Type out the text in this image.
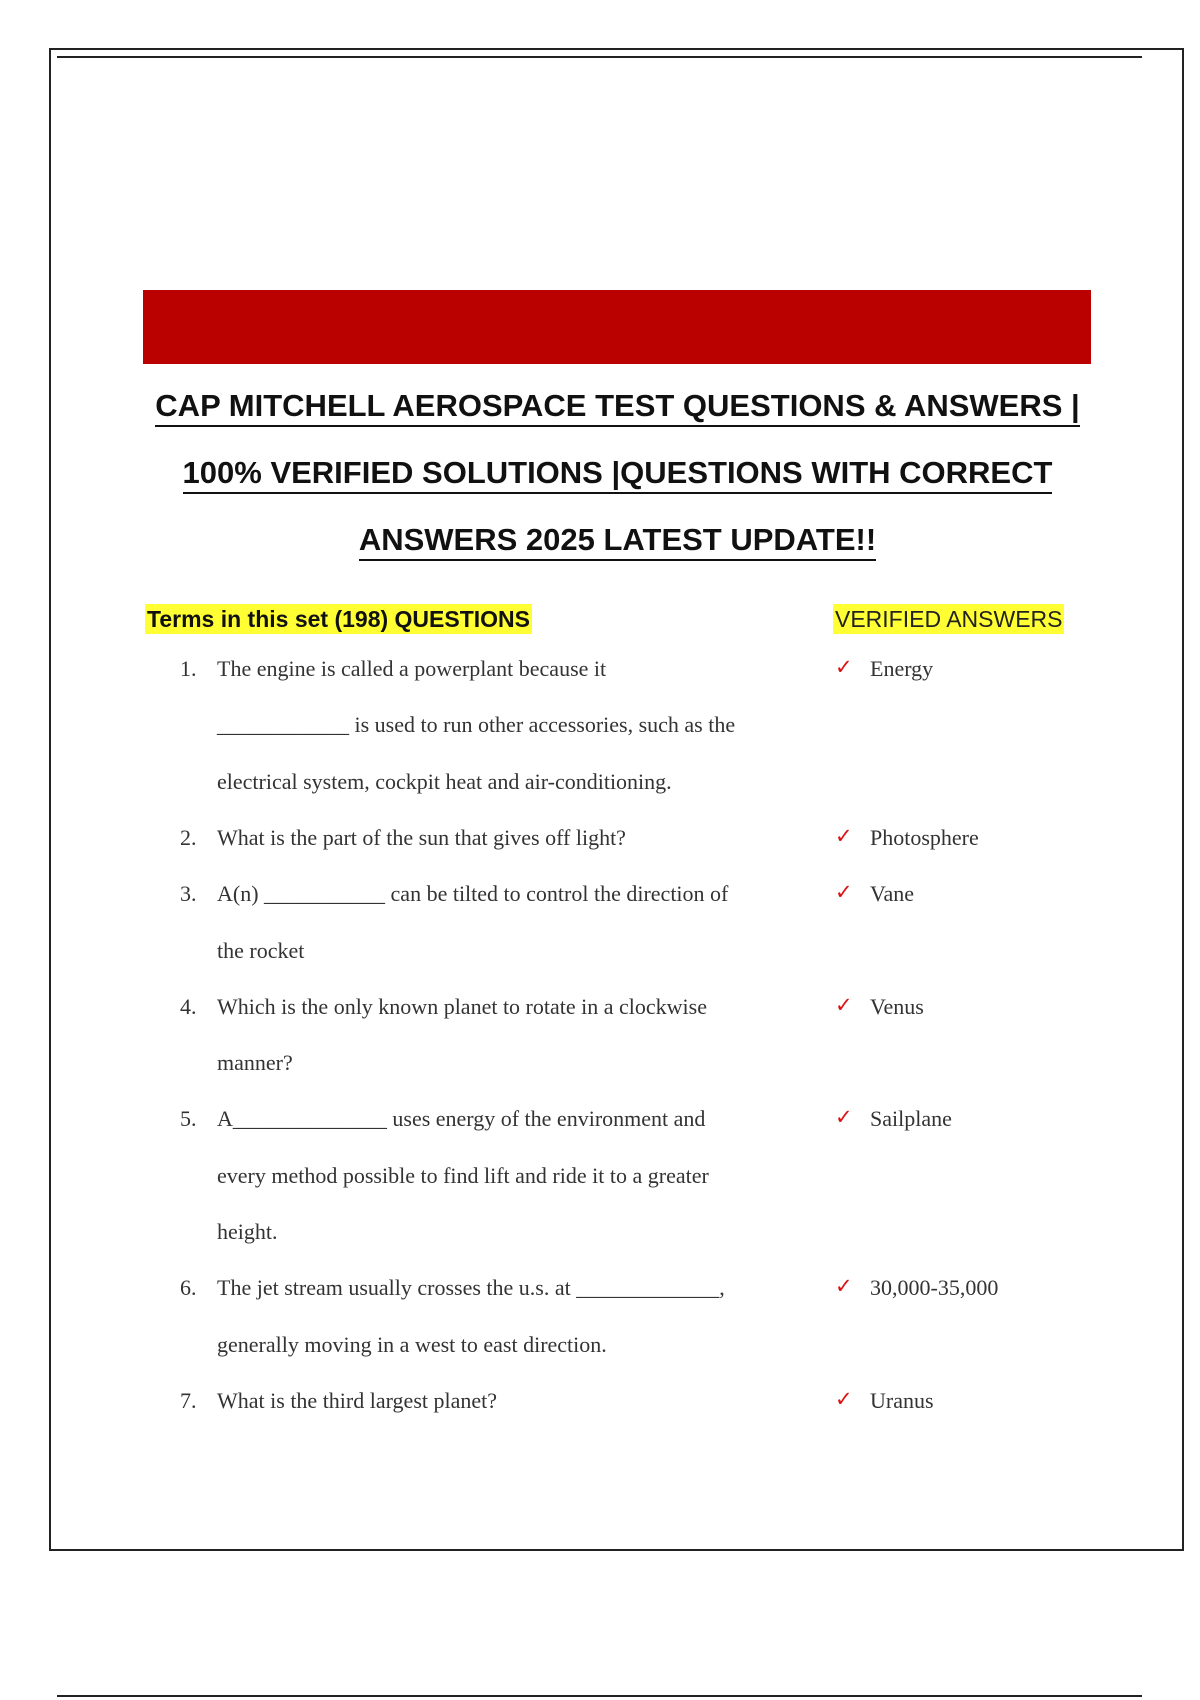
CAP MITCHELL AEROSPACE TEST QUESTIONS & ANSWERS |
100% VERIFIED SOLUTIONS |QUESTIONS WITH CORRECT
ANSWERS 2025 LATEST UPDATE!!
Terms in this set (198) QUESTIONS	VERIFIED ANSWERS
1. The engine is called a powerplant because it
____________ is used to run other accessories, such as the
electrical system, cockpit heat and air-conditioning.
✓ Energy
2. What is the part of the sun that gives off light?	✓ Photosphere
3. A(n) ___________ can be tilted to control the direction of
the rocket
✓ Vane
4. Which is the only known planet to rotate in a clockwise
manner?
✓ Venus
5. A______________ uses energy of the environment and
every method possible to find lift and ride it to a greater
height.
✓ Sailplane
6. The jet stream usually crosses the u.s. at _____________,
generally moving in a west to east direction.
✓ 30,000-35,000
7. What is the third largest planet?	✓ Uranus
